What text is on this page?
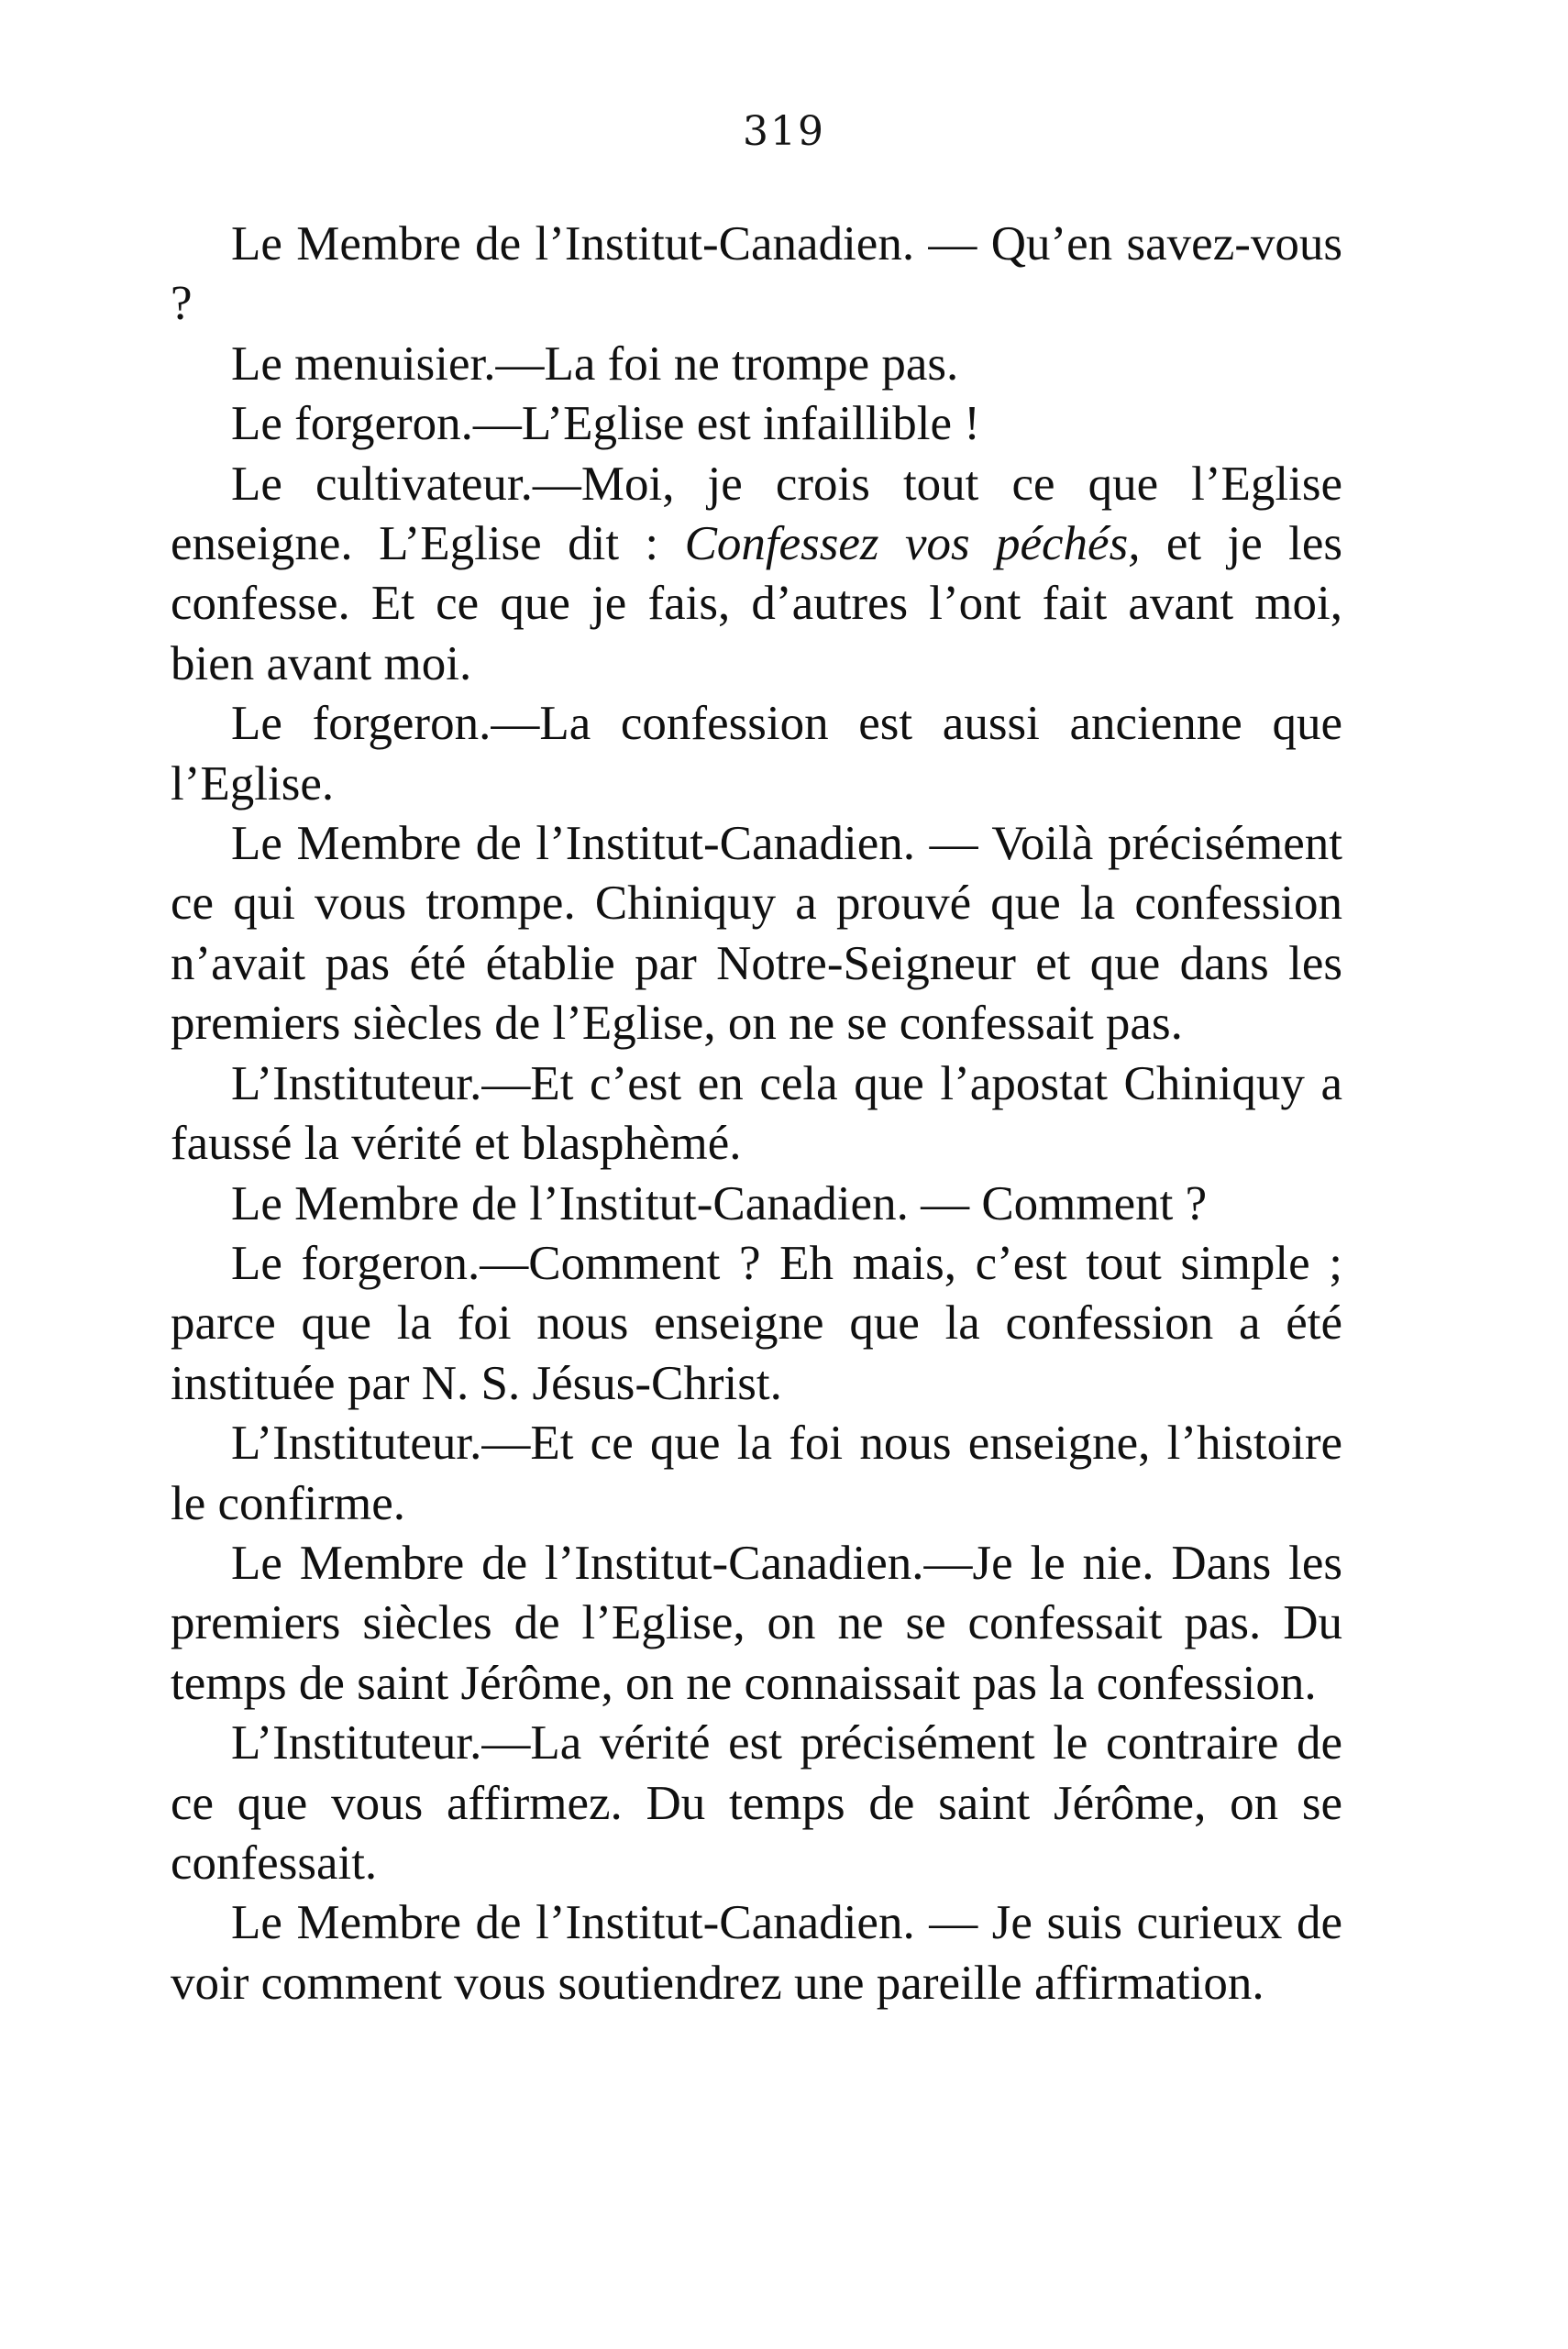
319

Le Membre de l’Institut-Canadien. — Qu’en savez-vous ?

Le menuisier.—La foi ne trompe pas.

Le forgeron.—L’Eglise est infaillible !

Le cultivateur.—Moi, je crois tout ce que l’Eglise enseigne. L’Eglise dit : Confessez vos péchés, et je les confesse. Et ce que je fais, d’autres l’ont fait avant moi, bien avant moi.

Le forgeron.—La confession est aussi ancienne que l’Eglise.

Le Membre de l’Institut-Canadien. — Voilà précisément ce qui vous trompe. Chiniquy a prouvé que la confession n’avait pas été établie par Notre-Seigneur et que dans les premiers siècles de l’Eglise, on ne se confessait pas.

L’Instituteur.—Et c’est en cela que l’apostat Chiniquy a faussé la vérité et blasphèmé.

Le Membre de l’Institut-Canadien. — Comment ?

Le forgeron.—Comment ? Eh mais, c’est tout simple ; parce que la foi nous enseigne que la confession a été instituée par N. S. Jésus-Christ.

L’Instituteur.—Et ce que la foi nous enseigne, l’histoire le confirme.

Le Membre de l’Institut-Canadien.—Je le nie. Dans les premiers siècles de l’Eglise, on ne se confessait pas. Du temps de saint Jérôme, on ne connaissait pas la confession.

L’Instituteur.—La vérité est précisément le contraire de ce que vous affirmez. Du temps de saint Jérôme, on se confessait.

Le Membre de l’Institut-Canadien. — Je suis curieux de voir comment vous soutiendrez une pareille affirmation.
